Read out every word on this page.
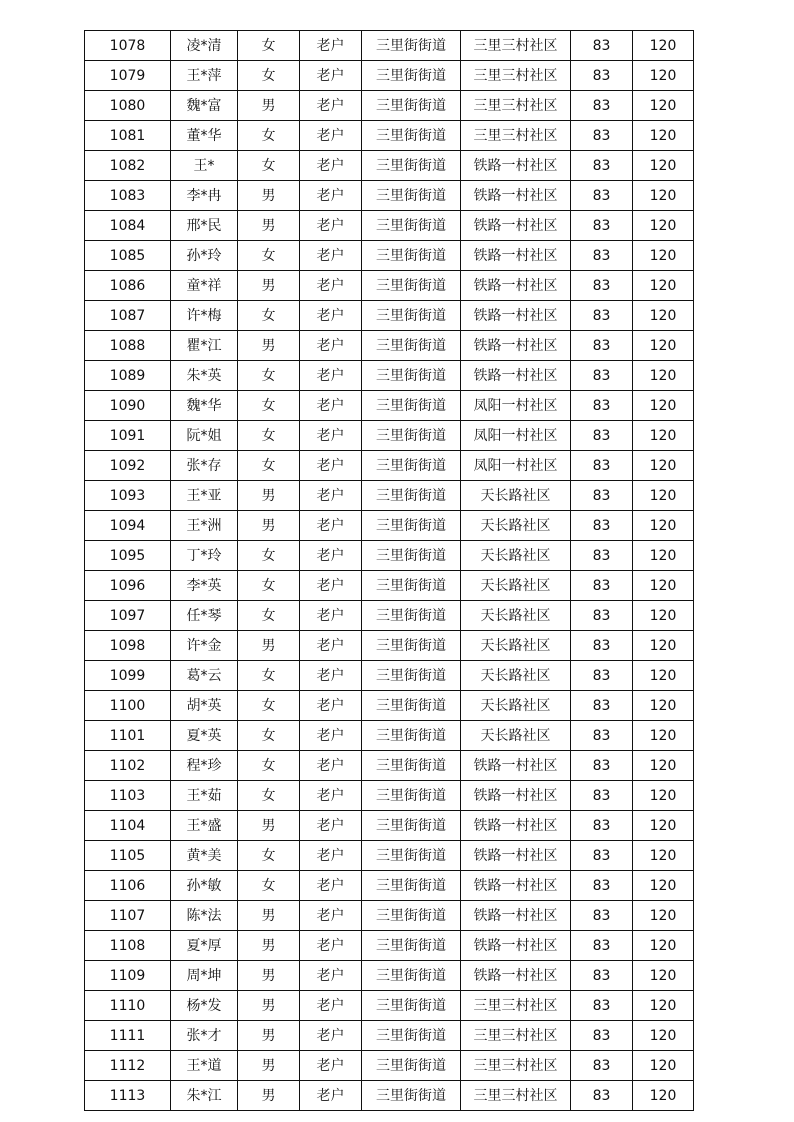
1078	凌*清	女	老户	三里街街道	三里三村社区	83	120
1079	王*萍	女	老户	三里街街道	三里三村社区	83	120
1080	魏*富	男	老户	三里街街道	三里三村社区	83	120
1081	董*华	女	老户	三里街街道	三里三村社区	83	120
1082	王*	女	老户	三里街街道	铁路一村社区	83	120
1083	李*冉	男	老户	三里街街道	铁路一村社区	83	120
1084	邢*民	男	老户	三里街街道	铁路一村社区	83	120
1085	孙*玲	女	老户	三里街街道	铁路一村社区	83	120
1086	童*祥	男	老户	三里街街道	铁路一村社区	83	120
1087	许*梅	女	老户	三里街街道	铁路一村社区	83	120
1088	瞿*江	男	老户	三里街街道	铁路一村社区	83	120
1089	朱*英	女	老户	三里街街道	铁路一村社区	83	120
1090	魏*华	女	老户	三里街街道	凤阳一村社区	83	120
1091	阮*姐	女	老户	三里街街道	凤阳一村社区	83	120
1092	张*存	女	老户	三里街街道	凤阳一村社区	83	120
1093	王*亚	男	老户	三里街街道	天长路社区	83	120
1094	王*洲	男	老户	三里街街道	天长路社区	83	120
1095	丁*玲	女	老户	三里街街道	天长路社区	83	120
1096	李*英	女	老户	三里街街道	天长路社区	83	120
1097	任*琴	女	老户	三里街街道	天长路社区	83	120
1098	许*金	男	老户	三里街街道	天长路社区	83	120
1099	葛*云	女	老户	三里街街道	天长路社区	83	120
1100	胡*英	女	老户	三里街街道	天长路社区	83	120
1101	夏*英	女	老户	三里街街道	天长路社区	83	120
1102	程*珍	女	老户	三里街街道	铁路一村社区	83	120
1103	王*茹	女	老户	三里街街道	铁路一村社区	83	120
1104	王*盛	男	老户	三里街街道	铁路一村社区	83	120
1105	黄*美	女	老户	三里街街道	铁路一村社区	83	120
1106	孙*敏	女	老户	三里街街道	铁路一村社区	83	120
1107	陈*法	男	老户	三里街街道	铁路一村社区	83	120
1108	夏*厚	男	老户	三里街街道	铁路一村社区	83	120
1109	周*坤	男	老户	三里街街道	铁路一村社区	83	120
1110	杨*发	男	老户	三里街街道	三里三村社区	83	120
1111	张*才	男	老户	三里街街道	三里三村社区	83	120
1112	王*道	男	老户	三里街街道	三里三村社区	83	120
1113	朱*江	男	老户	三里街街道	三里三村社区	83	120
